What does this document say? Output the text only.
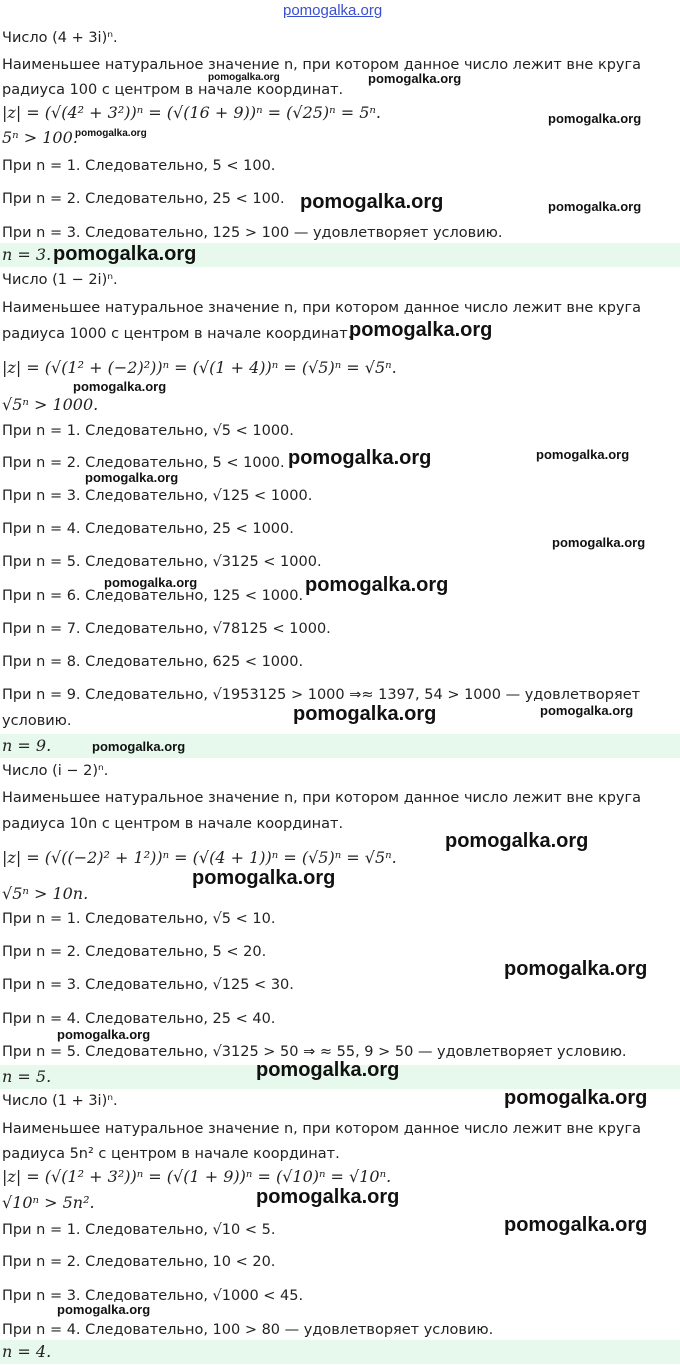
pomogalka.org
Число (4 + 3i)ⁿ.
Наименьшее натуральное значение n, при котором данное число лежит вне круга
радиуса 100 с центром в начале координат.
|z| = (√(4² + 3²))ⁿ = (√(16 + 9))ⁿ = (√25)ⁿ = 5ⁿ.
5ⁿ > 100.
При n = 1. Следовательно, 5 < 100.
При n = 2. Следовательно, 25 < 100.
При n = 3. Следовательно, 125 > 100 — удовлетворяет условию.
n = 3.
Число (1 − 2i)ⁿ.
Наименьшее натуральное значение n, при котором данное число лежит вне круга
радиуса 1000 с центром в начале координат.
|z| = (√(1² + (−2)²))ⁿ = (√(1 + 4))ⁿ = (√5)ⁿ = √5ⁿ.
√5ⁿ > 1000.
При n = 1. Следовательно, √5 < 1000.
При n = 2. Следовательно, 5 < 1000.
При n = 3. Следовательно, √125 < 1000.
При n = 4. Следовательно, 25 < 1000.
При n = 5. Следовательно, √3125 < 1000.
При n = 6. Следовательно, 125 < 1000.
При n = 7. Следовательно, √78125 < 1000.
При n = 8. Следовательно, 625 < 1000.
При n = 9. Следовательно, √1953125 > 1000 ⇒≈ 1397, 54 > 1000 — удовлетворяет
условию.
n = 9.
Число (i − 2)ⁿ.
Наименьшее натуральное значение n, при котором данное число лежит вне круга
радиуса 10n с центром в начале координат.
|z| = (√((−2)² + 1²))ⁿ = (√(4 + 1))ⁿ = (√5)ⁿ = √5ⁿ.
√5ⁿ > 10n.
При n = 1. Следовательно, √5 < 10.
При n = 2. Следовательно, 5 < 20.
При n = 3. Следовательно, √125 < 30.
При n = 4. Следовательно, 25 < 40.
При n = 5. Следовательно, √3125 > 50 ⇒ ≈ 55, 9 > 50 — удовлетворяет условию.
n = 5.
Число (1 + 3i)ⁿ.
Наименьшее натуральное значение n, при котором данное число лежит вне круга
радиуса 5n² с центром в начале координат.
|z| = (√(1² + 3²))ⁿ = (√(1 + 9))ⁿ = (√10)ⁿ = √10ⁿ.
√10ⁿ > 5n².
При n = 1. Следовательно, √10 < 5.
При n = 2. Следовательно, 10 < 20.
При n = 3. Следовательно, √1000 < 45.
При n = 4. Следовательно, 100 > 80 — удовлетворяет условию.
n = 4.
pomogalka.org	pomogalka.org
pomogalka.org
pomogalka.org
pomogalka.org	pomogalka.org
pomogalka.org
pomogalka.org
pomogalka.org
pomogalka.org	pomogalka.org
pomogalka.org
pomogalka.org
pomogalka.org	pomogalka.org
pomogalka.org	pomogalka.org
pomogalka.org
pomogalka.org
pomogalka.org
pomogalka.org
pomogalka.org
pomogalka.org
pomogalka.org
pomogalka.org
pomogalka.org
pomogalka.org
